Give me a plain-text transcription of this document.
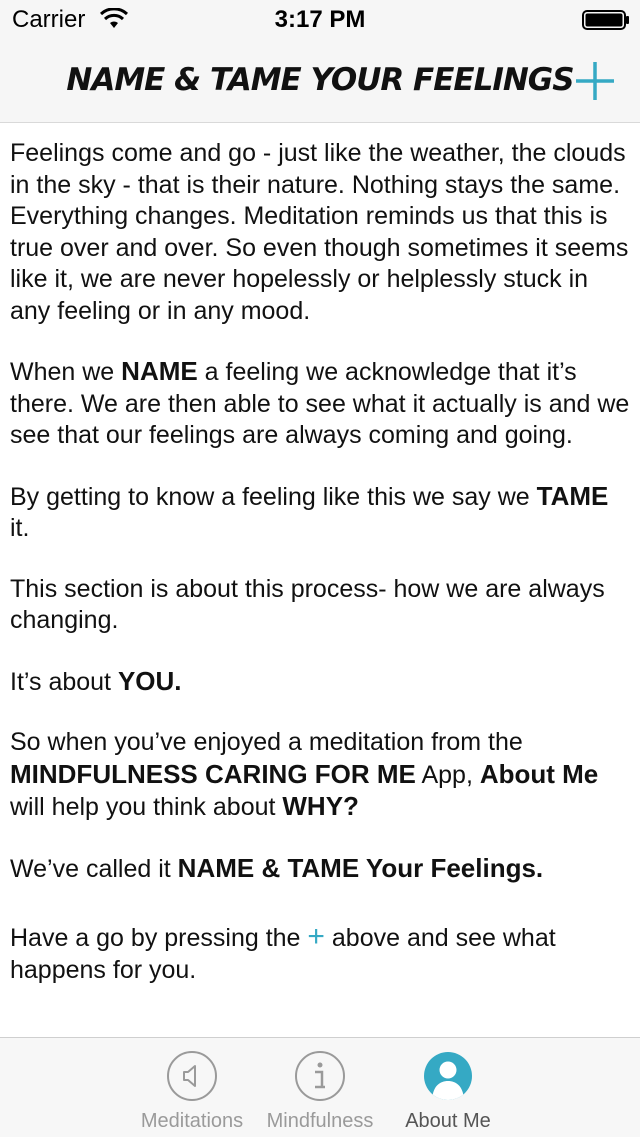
Carrier	3:17 PM
NAME & TAME YOUR FEELINGS

Feelings come and go - just like the weather, the clouds in the sky - that is their nature. Nothing stays the same. Everything changes. Meditation reminds us that this is true over and over. So even though sometimes it seems like it, we are never hopelessly or helplessly stuck in any feeling or in any mood.

When we NAME a feeling we acknowledge that it’s there. We are then able to see what it actually is and we see that our feelings are always coming and going.

By getting to know a feeling like this we say we TAME it.

This section is about this process- how we are always changing.

It’s about YOU.

So when you’ve enjoyed a meditation from the MINDFULNESS CARING FOR ME App, About Me will help you think about WHY?

We’ve called it NAME & TAME Your Feelings.

Have a go by pressing the + above and see what happens for you.

Meditations	Mindfulness	About Me
